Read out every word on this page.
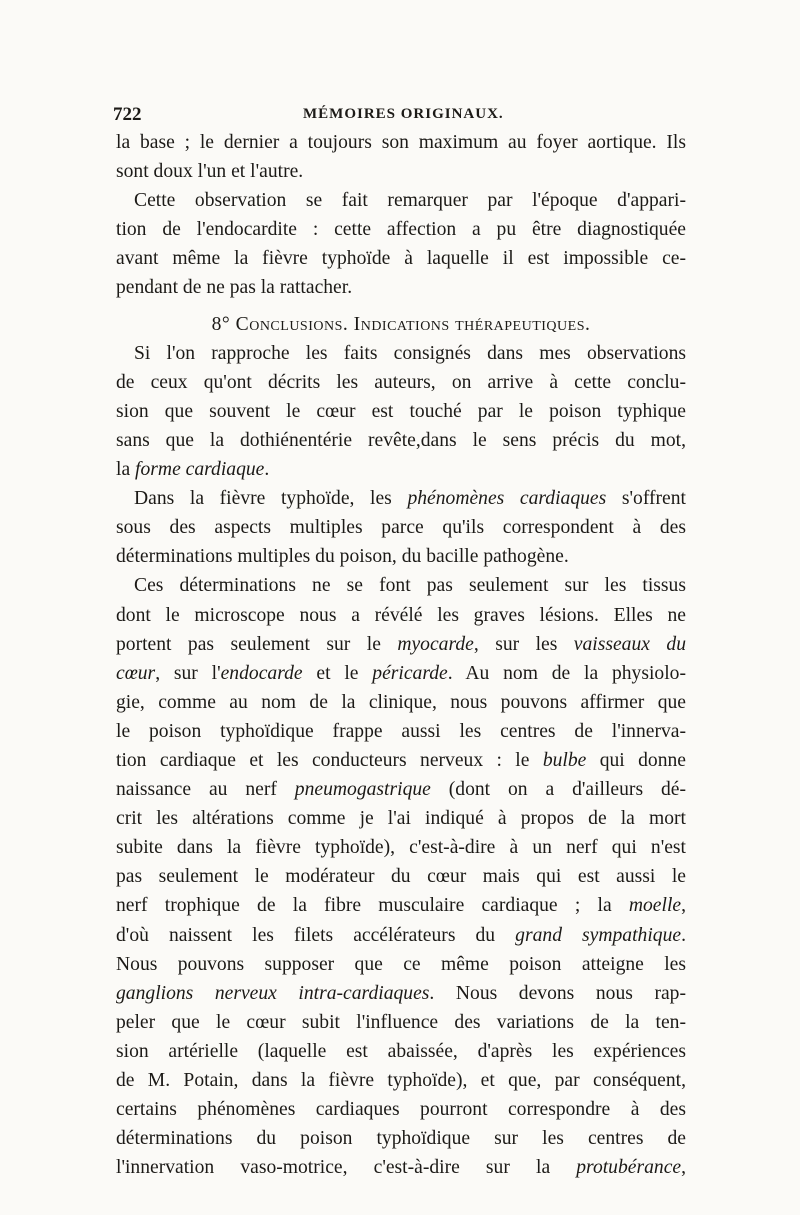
722	MÉMOIRES ORIGINAUX.
la base ; le dernier a toujours son maximum au foyer aortique. Ils
sont doux l'un et l'autre.
Cette observation se fait remarquer par l'époque d'appari-
tion de l'endocardite : cette affection a pu être diagnostiquée
avant même la fièvre typhoïde à laquelle il est impossible ce-
pendant de ne pas la rattacher.
8° Conclusions. Indications thérapeutiques.
Si l'on rapproche les faits consignés dans mes observations
de ceux qu'ont décrits les auteurs, on arrive à cette conclu-
sion que souvent le cœur est touché par le poison typhique
sans que la dothiénentérie revête,dans le sens précis du mot,
la forme cardiaque.
Dans la fièvre typhoïde, les phénomènes cardiaques s'offrent
sous des aspects multiples parce qu'ils correspondent à des
déterminations multiples du poison, du bacille pathogène.
Ces déterminations ne se font pas seulement sur les tissus
dont le microscope nous a révélé les graves lésions. Elles ne
portent pas seulement sur le myocarde, sur les vaisseaux du
cœur, sur l'endocarde et le péricarde. Au nom de la physiolo-
gie, comme au nom de la clinique, nous pouvons affirmer que
le poison typhoïdique frappe aussi les centres de l'innerva-
tion cardiaque et les conducteurs nerveux : le bulbe qui donne
naissance au nerf pneumogastrique (dont on a d'ailleurs dé-
crit les altérations comme je l'ai indiqué à propos de la mort
subite dans la fièvre typhoïde), c'est-à-dire à un nerf qui n'est
pas seulement le modérateur du cœur mais qui est aussi le
nerf trophique de la fibre musculaire cardiaque ; la moelle,
d'où naissent les filets accélérateurs du grand sympathique.
Nous pouvons supposer que ce même poison atteigne les
ganglions nerveux intra-cardiaques. Nous devons nous rap-
peler que le cœur subit l'influence des variations de la ten-
sion artérielle (laquelle est abaissée, d'après les expériences
de M. Potain, dans la fièvre typhoïde), et que, par conséquent,
certains phénomènes cardiaques pourront correspondre à des
déterminations du poison typhoïdique sur les centres de
l'innervation vaso-motrice, c'est-à-dire sur la protubérance,
